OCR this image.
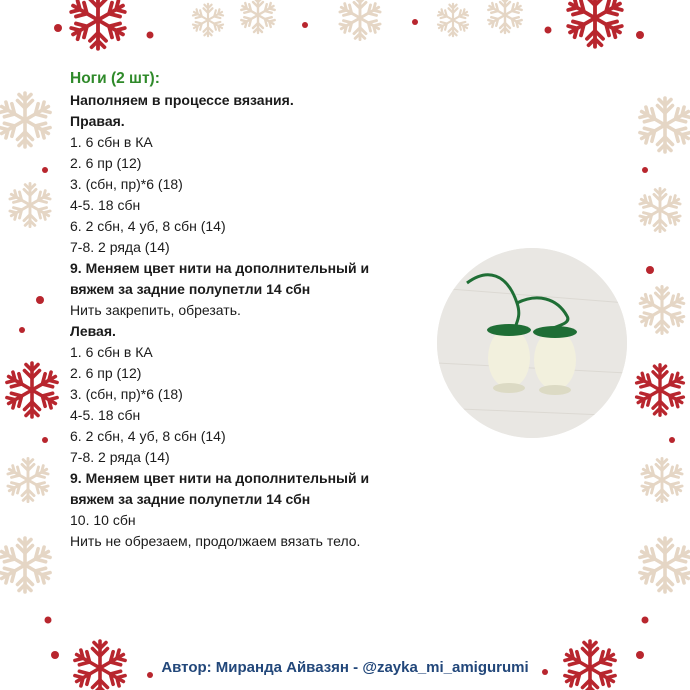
Ноги (2 шт):
Наполняем в процессе вязания.
Правая.
1. 6 сбн в КА
2. 6 пр (12)
3. (сбн, пр)*6 (18)
4-5. 18 сбн
6. 2 сбн, 4 уб, 8 сбн (14)
7-8. 2 ряда (14)
9. Меняем цвет нити на дополнительный и
вяжем за задние полупетли 14 сбн
Нить закрепить, обрезать.
Левая.
1. 6 сбн в КА
2. 6 пр (12)
3. (сбн, пр)*6 (18)
4-5. 18 сбн
6. 2 сбн, 4 уб, 8 сбн (14)
7-8. 2 ряда (14)
9. Меняем цвет нити на дополнительный и
вяжем за задние полупетли 14 сбн
10. 10 сбн
Нить не обрезаем, продолжаем вязать тело.
Автор: Миранда Айвазян - @zayka_mi_amigurumi
